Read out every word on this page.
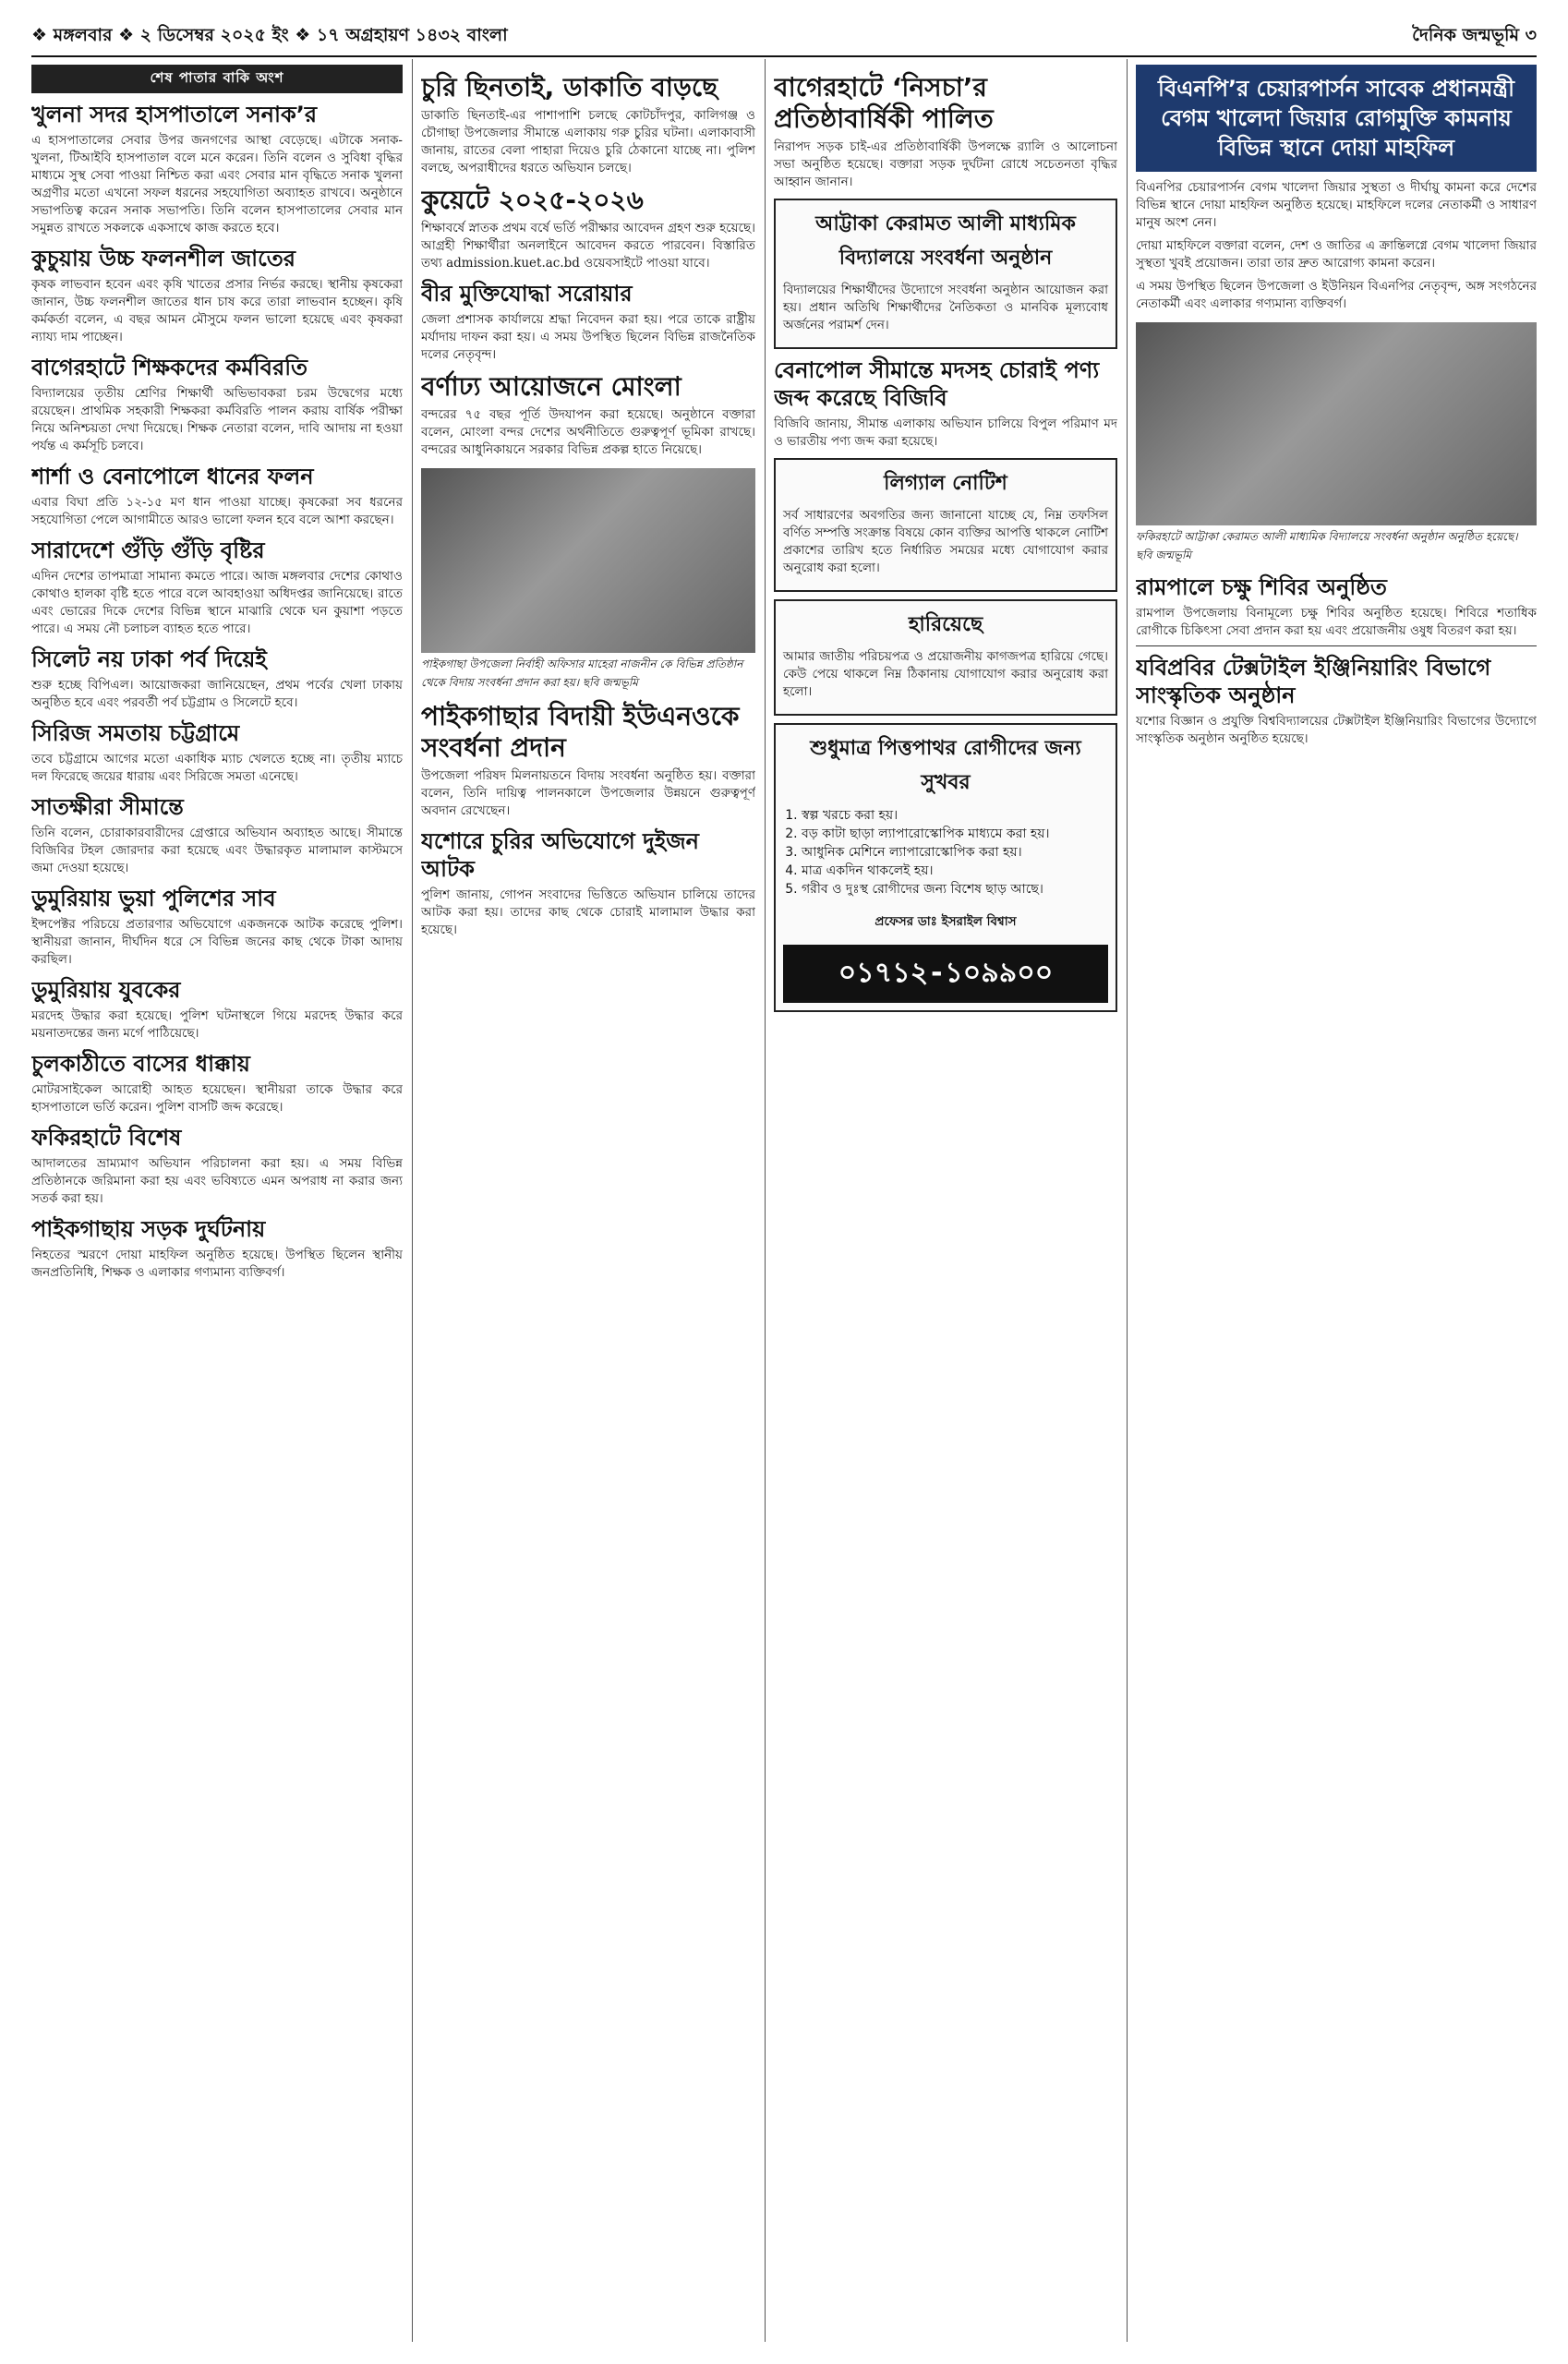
❖ মঙ্গলবার ❖ ২ ডিসেম্বর ২০২৫ ইং ❖ ১৭ অগ্রহায়ণ ১৪৩২ বাংলা	দৈনিক জন্মভূমি ৩
শেষ পাতার বাকি অংশ
খুলনা সদর হাসপাতালে সনাক’র

এ হাসপাতালের সেবার উপর জনগণের আস্থা বেড়েছে। এটাকে সনাক-খুলনা, টিআইবি হাসপাতাল বলে মনে করেন। তিনি বলেন ও সুবিধা বৃদ্ধির মাধ্যমে সুস্থ সেবা পাওয়া নিশ্চিত করা এবং সেবার মান বৃদ্ধিতে সনাক খুলনা অগ্রণীর মতো এখনো সফল ধরনের সহযোগিতা অব্যাহত রাখবে। অনুষ্ঠানে সভাপতিত্ব করেন সনাক সভাপতি। তিনি বলেন হাসপাতালের সেবার মান সমুন্নত রাখতে সকলকে একসাথে কাজ করতে হবে।

কুচুয়ায় উচ্চ ফলনশীল জাতের

কৃষক লাভবান হবেন এবং কৃষি খাতের প্রসার নির্ভর করছে। স্থানীয় কৃষকেরা জানান, উচ্চ ফলনশীল জাতের ধান চাষ করে তারা লাভবান হচ্ছেন। কৃষি কর্মকর্তা বলেন, এ বছর আমন মৌসুমে ফলন ভালো হয়েছে এবং কৃষকরা ন্যায্য দাম পাচ্ছেন।

বাগেরহাটে শিক্ষকদের কর্মবিরতি

বিদ্যালয়ের তৃতীয় শ্রেণির শিক্ষার্থী অভিভাবকরা চরম উদ্বেগের মধ্যে রয়েছেন। প্রাথমিক সহকারী শিক্ষকরা কর্মবিরতি পালন করায় বার্ষিক পরীক্ষা নিয়ে অনিশ্চয়তা দেখা দিয়েছে। শিক্ষক নেতারা বলেন, দাবি আদায় না হওয়া পর্যন্ত এ কর্মসূচি চলবে।

শার্শা ও বেনাপোলে ধানের ফলন

এবার বিঘা প্রতি ১২-১৫ মণ ধান পাওয়া যাচ্ছে। কৃষকেরা সব ধরনের সহযোগিতা পেলে আগামীতে আরও ভালো ফলন হবে বলে আশা করছেন।

সারাদেশে গুঁড়ি গুঁড়ি বৃষ্টির

এদিন দেশের তাপমাত্রা সামান্য কমতে পারে। আজ মঙ্গলবার দেশের কোথাও কোথাও হালকা বৃষ্টি হতে পারে বলে আবহাওয়া অধিদপ্তর জানিয়েছে। রাতে এবং ভোরের দিকে দেশের বিভিন্ন স্থানে মাঝারি থেকে ঘন কুয়াশা পড়তে পারে। এ সময় নৌ চলাচল ব্যাহত হতে পারে।

সিলেট নয় ঢাকা পর্ব দিয়েই

শুরু হচ্ছে বিপিএল। আয়োজকরা জানিয়েছেন, প্রথম পর্বের খেলা ঢাকায় অনুষ্ঠিত হবে এবং পরবর্তী পর্ব চট্টগ্রাম ও সিলেটে হবে।

সিরিজ সমতায় চট্টগ্রামে

তবে চট্টগ্রামে আগের মতো একাধিক ম্যাচ খেলতে হচ্ছে না। তৃতীয় ম্যাচে দল ফিরেছে জয়ের ধারায় এবং সিরিজে সমতা এনেছে।

সাতক্ষীরা সীমান্তে

তিনি বলেন, চোরাকারবারীদের গ্রেপ্তারে অভিযান অব্যাহত আছে। সীমান্তে বিজিবির টহল জোরদার করা হয়েছে এবং উদ্ধারকৃত মালামাল কাস্টমসে জমা দেওয়া হয়েছে।

ডুমুরিয়ায় ভুয়া পুলিশের সাব

ইন্সপেক্টর পরিচয়ে প্রতারণার অভিযোগে একজনকে আটক করেছে পুলিশ। স্থানীয়রা জানান, দীর্ঘদিন ধরে সে বিভিন্ন জনের কাছ থেকে টাকা আদায় করছিল।

ডুমুরিয়ায় যুবকের

মরদেহ উদ্ধার করা হয়েছে। পুলিশ ঘটনাস্থলে গিয়ে মরদেহ উদ্ধার করে ময়নাতদন্তের জন্য মর্গে পাঠিয়েছে।

চুলকাঠীতে বাসের ধাক্কায়

মোটরসাইকেল আরোহী আহত হয়েছেন। স্থানীয়রা তাকে উদ্ধার করে হাসপাতালে ভর্তি করেন। পুলিশ বাসটি জব্দ করেছে।

ফকিরহাটে বিশেষ

আদালতের ভ্রাম্যমাণ অভিযান পরিচালনা করা হয়। এ সময় বিভিন্ন প্রতিষ্ঠানকে জরিমানা করা হয় এবং ভবিষ্যতে এমন অপরাধ না করার জন্য সতর্ক করা হয়।

পাইকগাছায় সড়ক দুর্ঘটনায়

নিহতের স্মরণে দোয়া মাহফিল অনুষ্ঠিত হয়েছে। উপস্থিত ছিলেন স্থানীয় জনপ্রতিনিধি, শিক্ষক ও এলাকার গণ্যমান্য ব্যক্তিবর্গ।

চুরি ছিনতাই, ডাকাতি বাড়ছে

ডাকাতি ছিনতাই-এর পাশাপাশি চলছে কোটচাঁদপুর, কালিগঞ্জ ও চৌগাছা উপজেলার সীমান্তে এলাকায় গরু চুরির ঘটনা। এলাকাবাসী জানায়, রাতের বেলা পাহারা দিয়েও চুরি ঠেকানো যাচ্ছে না। পুলিশ বলছে, অপরাধীদের ধরতে অভিযান চলছে।

কুয়েটে ২০২৫-২০২৬

শিক্ষাবর্ষে স্নাতক প্রথম বর্ষে ভর্তি পরীক্ষার আবেদন গ্রহণ শুরু হয়েছে। আগ্রহী শিক্ষার্থীরা অনলাইনে আবেদন করতে পারবেন। বিস্তারিত তথ্য admission.kuet.ac.bd ওয়েবসাইটে পাওয়া যাবে।

বীর মুক্তিযোদ্ধা সরোয়ার

জেলা প্রশাসক কার্যালয়ে শ্রদ্ধা নিবেদন করা হয়। পরে তাকে রাষ্ট্রীয় মর্যাদায় দাফন করা হয়। এ সময় উপস্থিত ছিলেন বিভিন্ন রাজনৈতিক দলের নেতৃবৃন্দ।

বর্ণাঢ্য আয়োজনে মোংলা

বন্দরের ৭৫ বছর পূর্তি উদযাপন করা হয়েছে। অনুষ্ঠানে বক্তারা বলেন, মোংলা বন্দর দেশের অর্থনীতিতে গুরুত্বপূর্ণ ভূমিকা রাখছে। বন্দরের আধুনিকায়নে সরকার বিভিন্ন প্রকল্প হাতে নিয়েছে।

পাইকগাছা উপজেলা নির্বাহী অফিসার মাহেরা নাজনীন কে বিভিন্ন প্রতিষ্ঠান থেকে বিদায় সংবর্ধনা প্রদান করা হয়। ছবি জন্মভূমি

পাইকগাছার বিদায়ী ইউএনওকে সংবর্ধনা প্রদান

উপজেলা পরিষদ মিলনায়তনে বিদায় সংবর্ধনা অনুষ্ঠিত হয়। বক্তারা বলেন, তিনি দায়িত্ব পালনকালে উপজেলার উন্নয়নে গুরুত্বপূর্ণ অবদান রেখেছেন।

যশোরে চুরির অভিযোগে দুইজন আটক

পুলিশ জানায়, গোপন সংবাদের ভিত্তিতে অভিযান চালিয়ে তাদের আটক করা হয়। তাদের কাছ থেকে চোরাই মালামাল উদ্ধার করা হয়েছে।

বাগেরহাটে ‘নিসচা’র প্রতিষ্ঠাবার্ষিকী পালিত

নিরাপদ সড়ক চাই-এর প্রতিষ্ঠাবার্ষিকী উপলক্ষে র‍্যালি ও আলোচনা সভা অনুষ্ঠিত হয়েছে। বক্তারা সড়ক দুর্ঘটনা রোধে সচেতনতা বৃদ্ধির আহ্বান জানান।

আট্টাকা কেরামত আলী মাধ্যমিক বিদ্যালয়ে সংবর্ধনা অনুষ্ঠান

বিদ্যালয়ের শিক্ষার্থীদের উদ্যোগে সংবর্ধনা অনুষ্ঠান আয়োজন করা হয়। প্রধান অতিথি শিক্ষার্থীদের নৈতিকতা ও মানবিক মূল্যবোধ অর্জনের পরামর্শ দেন।

বেনাপোল সীমান্তে মদসহ চোরাই পণ্য জব্দ করেছে বিজিবি

বিজিবি জানায়, সীমান্ত এলাকায় অভিযান চালিয়ে বিপুল পরিমাণ মদ ও ভারতীয় পণ্য জব্দ করা হয়েছে।

লিগ্যাল নোটিশ

সর্ব সাধারণের অবগতির জন্য জানানো যাচ্ছে যে, নিম্ন তফসিল বর্ণিত সম্পত্তি সংক্রান্ত বিষয়ে কোন ব্যক্তির আপত্তি থাকলে নোটিশ প্রকাশের তারিখ হতে নির্ধারিত সময়ের মধ্যে যোগাযোগ করার অনুরোধ করা হলো।

হারিয়েছে

আমার জাতীয় পরিচয়পত্র ও প্রয়োজনীয় কাগজপত্র হারিয়ে গেছে। কেউ পেয়ে থাকলে নিম্ন ঠিকানায় যোগাযোগ করার অনুরোধ করা হলো।

শুধুমাত্র পিত্তপাথর রোগীদের জন্য সুখবর
1. স্বল্প খরচে করা হয়।
2. বড় কাটা ছাড়া ল্যাপারোস্কোপিক মাধ্যমে করা হয়।
3. আধুনিক মেশিনে ল্যাপারোস্কোপিক করা হয়।
4. মাত্র একদিন থাকলেই হয়।
5. গরীব ও দুঃস্থ রোগীদের জন্য বিশেষ ছাড় আছে।

প্রফেসর ডাঃ ইসরাইল বিশ্বাস

০১৭১২-১০৯৯০০
বিএনপি’র চেয়ারপার্সন সাবেক প্রধানমন্ত্রী বেগম খালেদা জিয়ার রোগমুক্তি কামনায় বিভিন্ন স্থানে দোয়া মাহফিল

বিএনপির চেয়ারপার্সন বেগম খালেদা জিয়ার সুস্থতা ও দীর্ঘায়ু কামনা করে দেশের বিভিন্ন স্থানে দোয়া মাহফিল অনুষ্ঠিত হয়েছে। মাহফিলে দলের নেতাকর্মী ও সাধারণ মানুষ অংশ নেন।

দোয়া মাহফিলে বক্তারা বলেন, দেশ ও জাতির এ ক্রান্তিলগ্নে বেগম খালেদা জিয়ার সুস্থতা খুবই প্রয়োজন। তারা তার দ্রুত আরোগ্য কামনা করেন।

এ সময় উপস্থিত ছিলেন উপজেলা ও ইউনিয়ন বিএনপির নেতৃবৃন্দ, অঙ্গ সংগঠনের নেতাকর্মী এবং এলাকার গণ্যমান্য ব্যক্তিবর্গ।

ফকিরহাটে আট্টাকা কেরামত আলী মাধ্যমিক বিদ্যালয়ে সংবর্ধনা অনুষ্ঠান অনুষ্ঠিত হয়েছে। ছবি জন্মভূমি

রামপালে চক্ষু শিবির অনুষ্ঠিত

রামপাল উপজেলায় বিনামূল্যে চক্ষু শিবির অনুষ্ঠিত হয়েছে। শিবিরে শতাধিক রোগীকে চিকিৎসা সেবা প্রদান করা হয় এবং প্রয়োজনীয় ওষুধ বিতরণ করা হয়।

যবিপ্রবির টেক্সটাইল ইঞ্জিনিয়ারিং বিভাগে সাংস্কৃতিক অনুষ্ঠান

যশোর বিজ্ঞান ও প্রযুক্তি বিশ্ববিদ্যালয়ের টেক্সটাইল ইঞ্জিনিয়ারিং বিভাগের উদ্যোগে সাংস্কৃতিক অনুষ্ঠান অনুষ্ঠিত হয়েছে।
